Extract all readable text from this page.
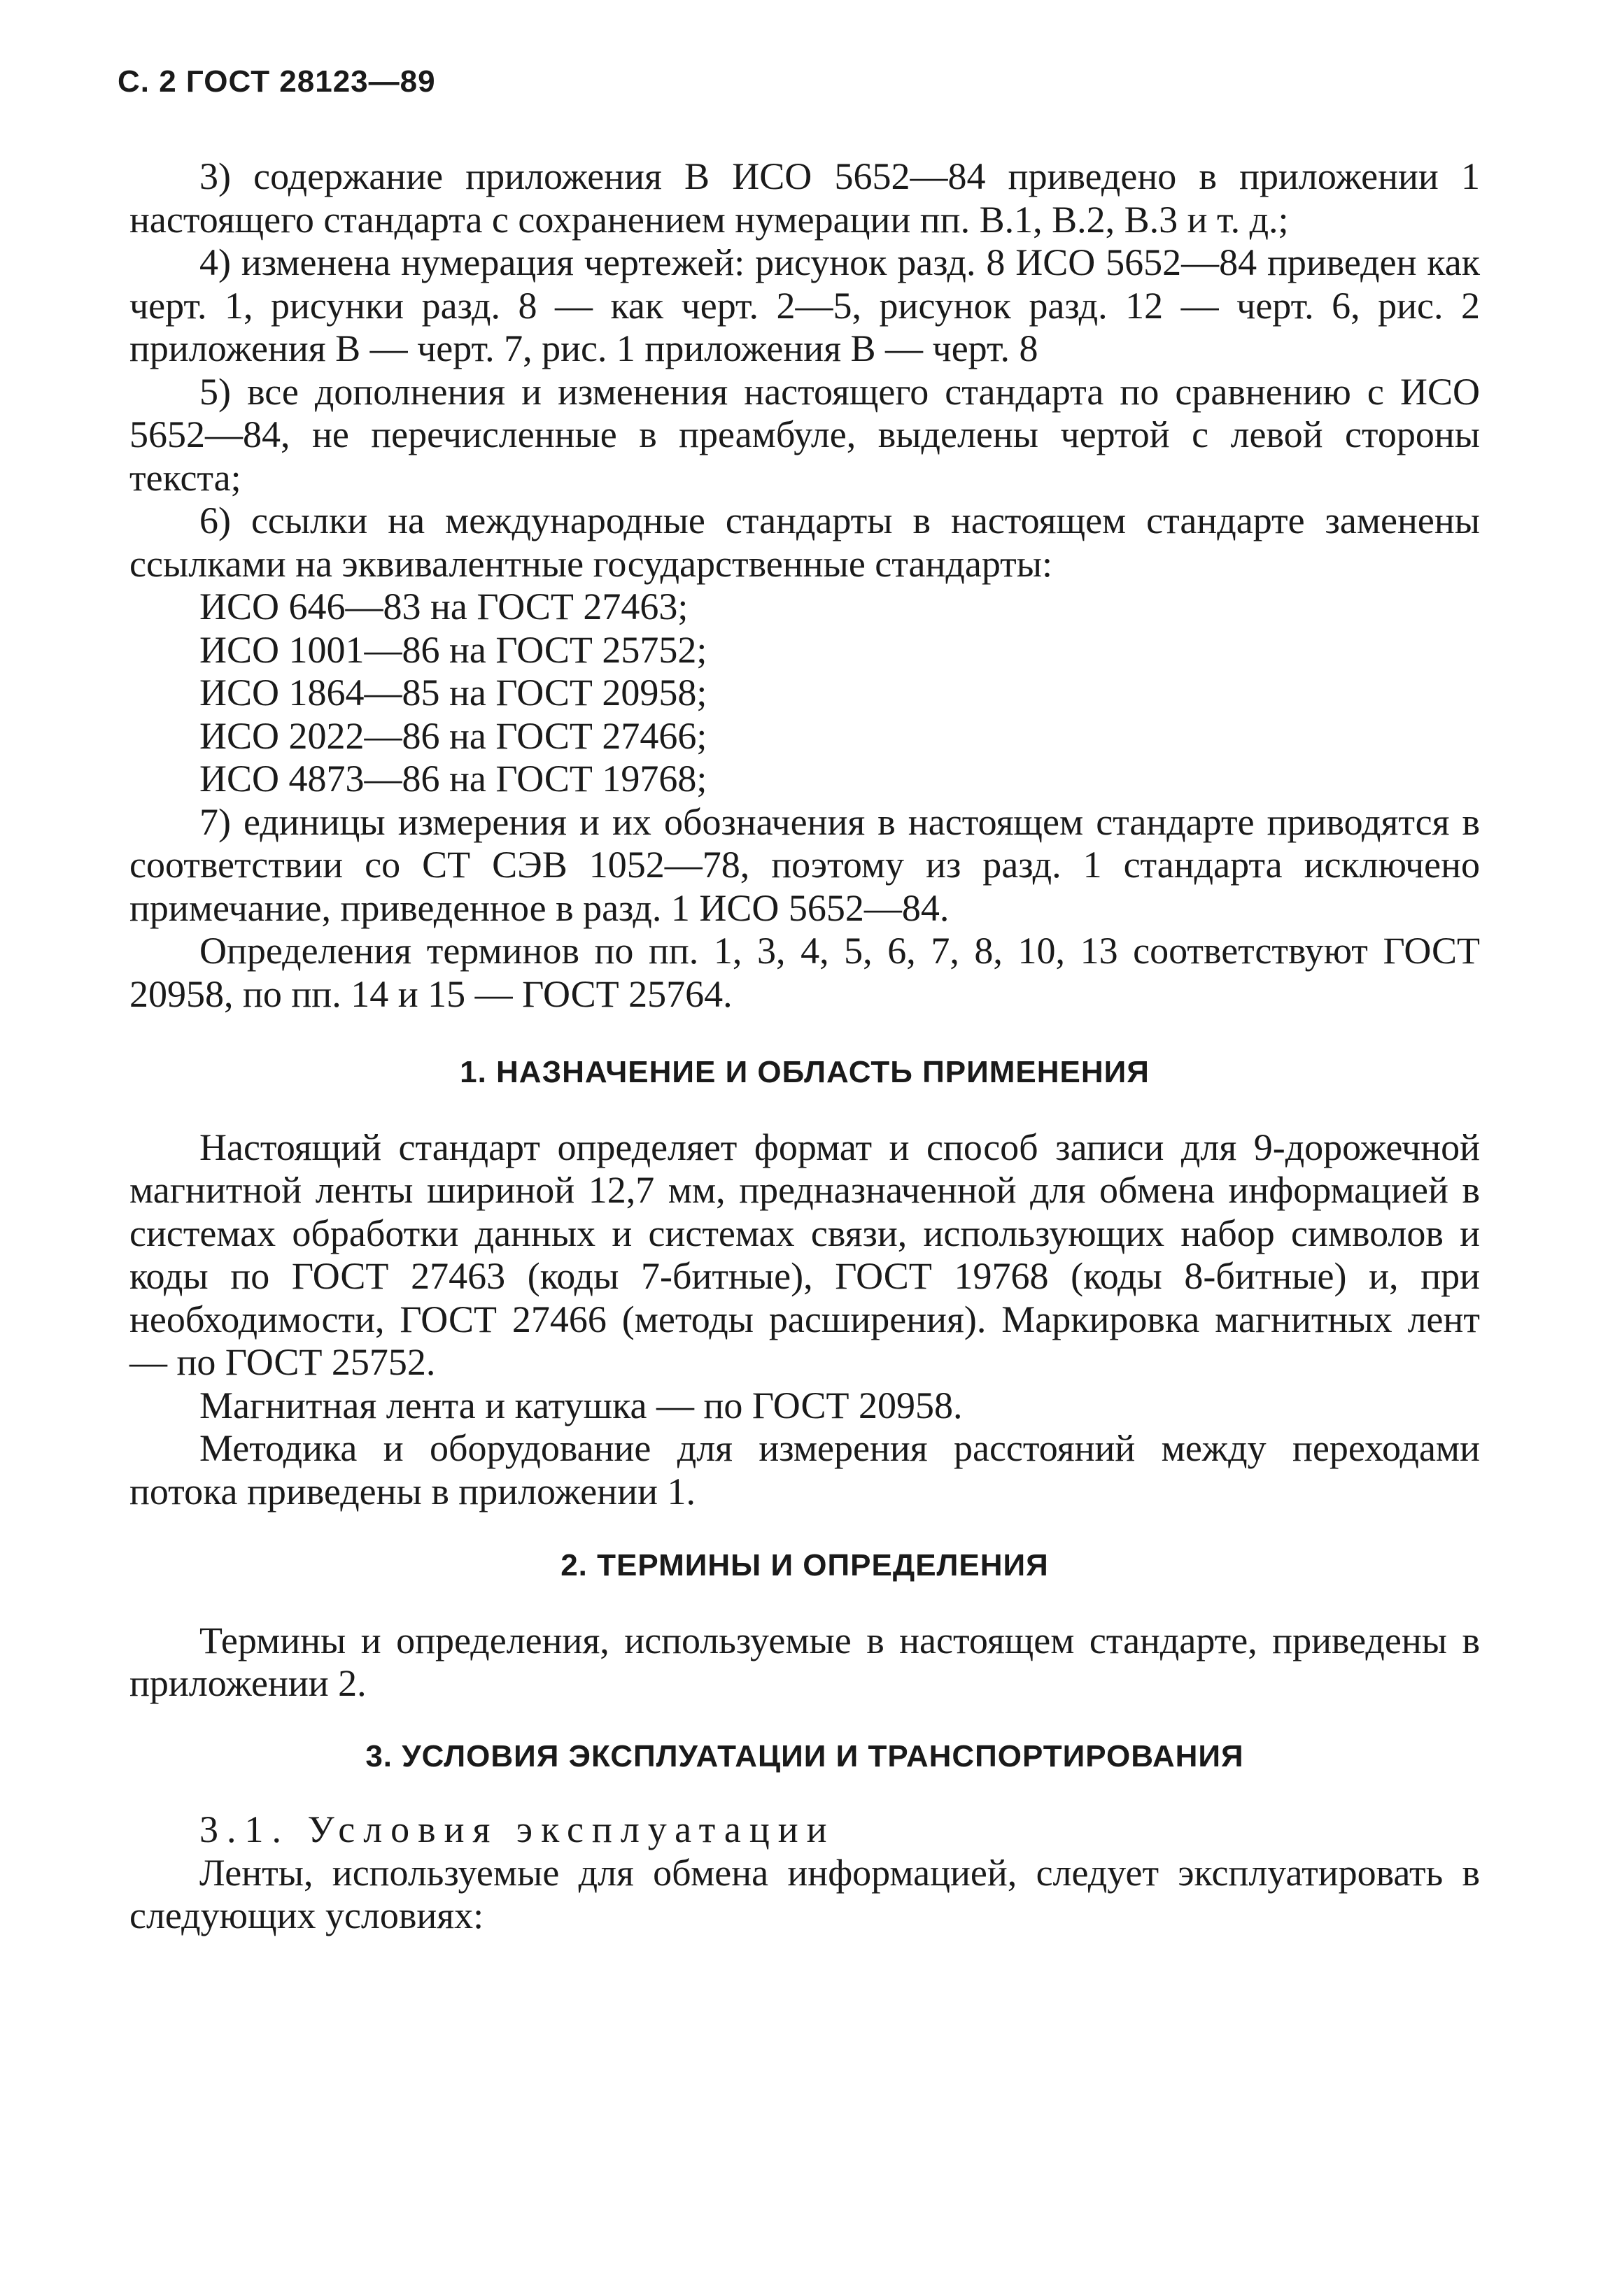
С. 2 ГОСТ 28123—89

3) содержание приложения В ИСО 5652—84 приведено в приложении 1 настоящего стандарта с сохранением нумерации пп. В.1, В.2, В.3 и т. д.;

4) изменена нумерация чертежей: рисунок разд. 8 ИСО 5652—84 приведен как черт. 1, рисунки разд. 8 — как черт. 2—5, рисунок разд. 12 — черт. 6, рис. 2 приложения В — черт. 7, рис. 1 приложения В — черт. 8

5) все дополнения и изменения настоящего стандарта по сравнению с ИСО 5652—84, не перечисленные в преамбуле, выделены чертой с левой стороны текста;

6) ссылки на международные стандарты в настоящем стандарте заменены ссылками на эквивалентные государственные стандарты:

ИСО 646—83 на ГОСТ 27463;

ИСО 1001—86 на ГОСТ 25752;

ИСО 1864—85 на ГОСТ 20958;

ИСО 2022—86 на ГОСТ 27466;

ИСО 4873—86 на ГОСТ 19768;

7) единицы измерения и их обозначения в настоящем стандарте приводятся в соответствии со СТ СЭВ 1052—78, поэтому из разд. 1 стандарта исключено примечание, приведенное в разд. 1 ИСО 5652—84.

Определения терминов по пп. 1, 3, 4, 5, 6, 7, 8, 10, 13 соответствуют ГОСТ 20958, по пп. 14 и 15 — ГОСТ 25764.

1. НАЗНАЧЕНИЕ И ОБЛАСТЬ ПРИМЕНЕНИЯ

Настоящий стандарт определяет формат и способ записи для 9-дорожечной магнитной ленты шириной 12,7 мм, предназначенной для обмена информацией в системах обработки данных и системах связи, использующих набор символов и коды по ГОСТ 27463 (коды 7-битные), ГОСТ 19768 (коды 8-битные) и, при необходимости, ГОСТ 27466 (методы расширения). Маркировка магнитных лент — по ГОСТ 25752.

Магнитная лента и катушка — по ГОСТ 20958.

Методика и оборудование для измерения расстояний между переходами потока приведены в приложении 1.

2. ТЕРМИНЫ И ОПРЕДЕЛЕНИЯ

Термины и определения, используемые в настоящем стандарте, приведены в приложении 2.

3. УСЛОВИЯ ЭКСПЛУАТАЦИИ И ТРАНСПОРТИРОВАНИЯ

3.1. Условия эксплуатации

Ленты, используемые для обмена информацией, следует эксплуатировать в следующих условиях:
